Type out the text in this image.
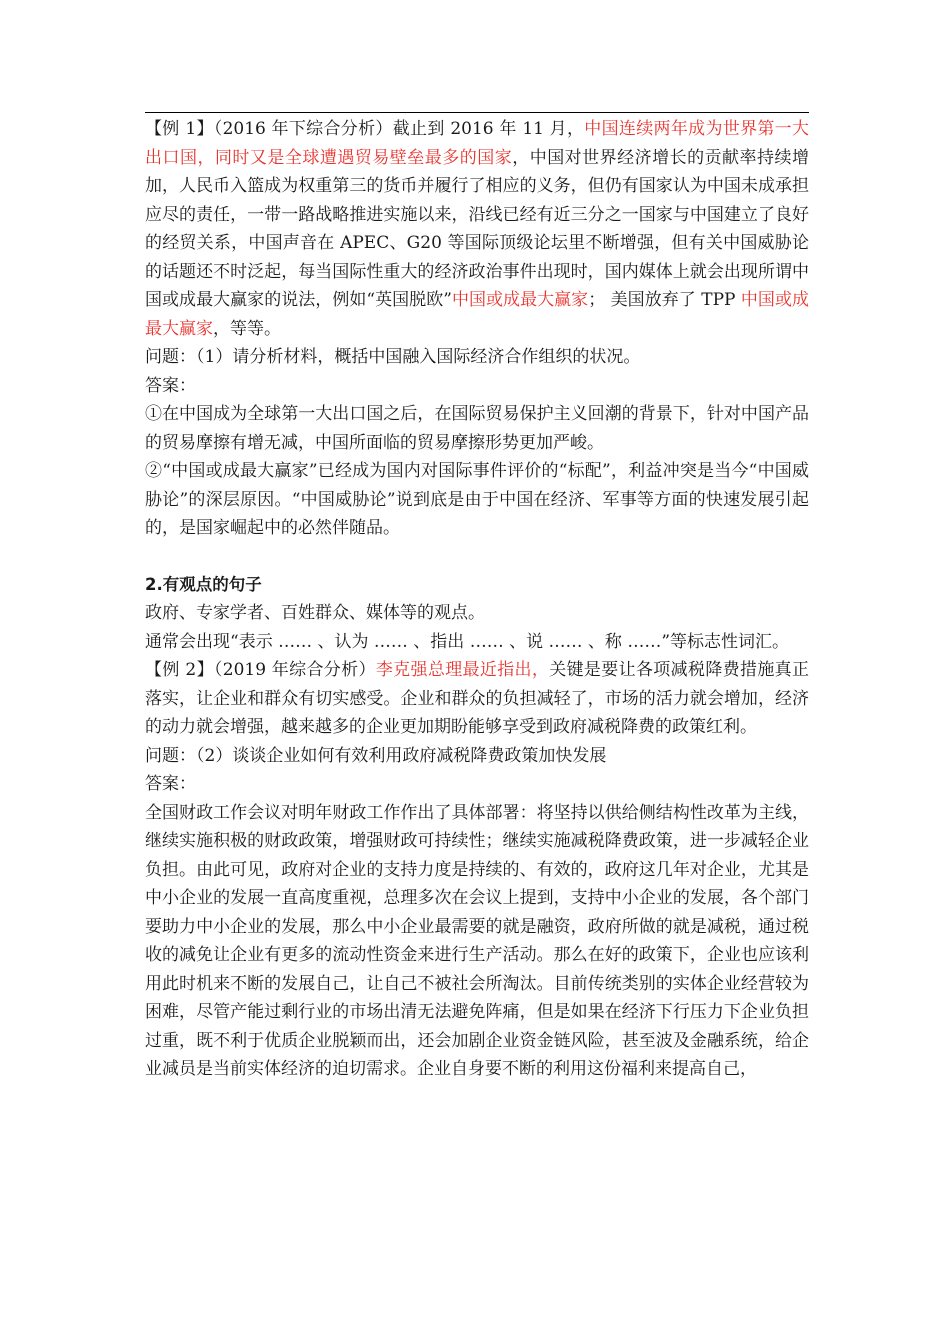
【例 1】（2016 年下综合分析）截止到 2016 年 11 月，中国连续两年成为世界第一大出口国，同时又是全球遭遇贸易壁垒最多的国家，中国对世界经济增长的贡献率持续增加，人民币入篮成为权重第三的货币并履行了相应的义务，但仍有国家认为中国未成承担应尽的责任，一带一路战略推进实施以来，沿线已经有近三分之一国家与中国建立了良好的经贸关系，中国声音在 APEC、G20 等国际顶级论坛里不断增强，但有关中国威胁论的话题还不时泛起，每当国际性重大的经济政治事件出现时，国内媒体上就会出现所谓中国或成最大赢家的说法，例如“英国脱欧”中国或成最大赢家； 美国放弃了 TPP 中国或成最大赢家，等等。

问题：（1）请分析材料，概括中国融入国际经济合作组织的状况。

答案：

①在中国成为全球第一大出口国之后，在国际贸易保护主义回潮的背景下，针对中国产品的贸易摩擦有增无减，中国所面临的贸易摩擦形势更加严峻。

②“中国或成最大赢家”已经成为国内对国际事件评价的“标配”，利益冲突是当今“中国威胁论”的深层原因。“中国威胁论”说到底是由于中国在经济、军事等方面的快速发展引起的，是国家崛起中的必然伴随品。

2.有观点的句子

政府、专家学者、百姓群众、媒体等的观点。

通常会出现“表示 …… 、认为 …… 、指出 …… 、说 …… 、称 ……”等标志性词汇。

【例 2】（2019 年综合分析）李克强总理最近指出，关键是要让各项减税降费措施真正落实，让企业和群众有切实感受。企业和群众的负担减轻了，市场的活力就会增加，经济的动力就会增强，越来越多的企业更加期盼能够享受到政府减税降费的政策红利。

问题：（2）谈谈企业如何有效利用政府减税降费政策加快发展

答案：

全国财政工作会议对明年财政工作作出了具体部署：将坚持以供给侧结构性改革为主线，继续实施积极的财政政策，增强财政可持续性；继续实施减税降费政策，进一步减轻企业负担。由此可见，政府对企业的支持力度是持续的、有效的，政府这几年对企业，尤其是中小企业的发展一直高度重视，总理多次在会议上提到，支持中小企业的发展，各个部门要助力中小企业的发展，那么中小企业最需要的就是融资，政府所做的就是减税，通过税收的减免让企业有更多的流动性资金来进行生产活动。那么在好的政策下，企业也应该利用此时机来不断的发展自己，让自己不被社会所淘汰。目前传统类别的实体企业经营较为困难，尽管产能过剩行业的市场出清无法避免阵痛，但是如果在经济下行压力下企业负担过重，既不利于优质企业脱颖而出，还会加剧企业资金链风险，甚至波及金融系统，给企业减员是当前实体经济的迫切需求。企业自身要不断的利用这份福利来提高自己，
